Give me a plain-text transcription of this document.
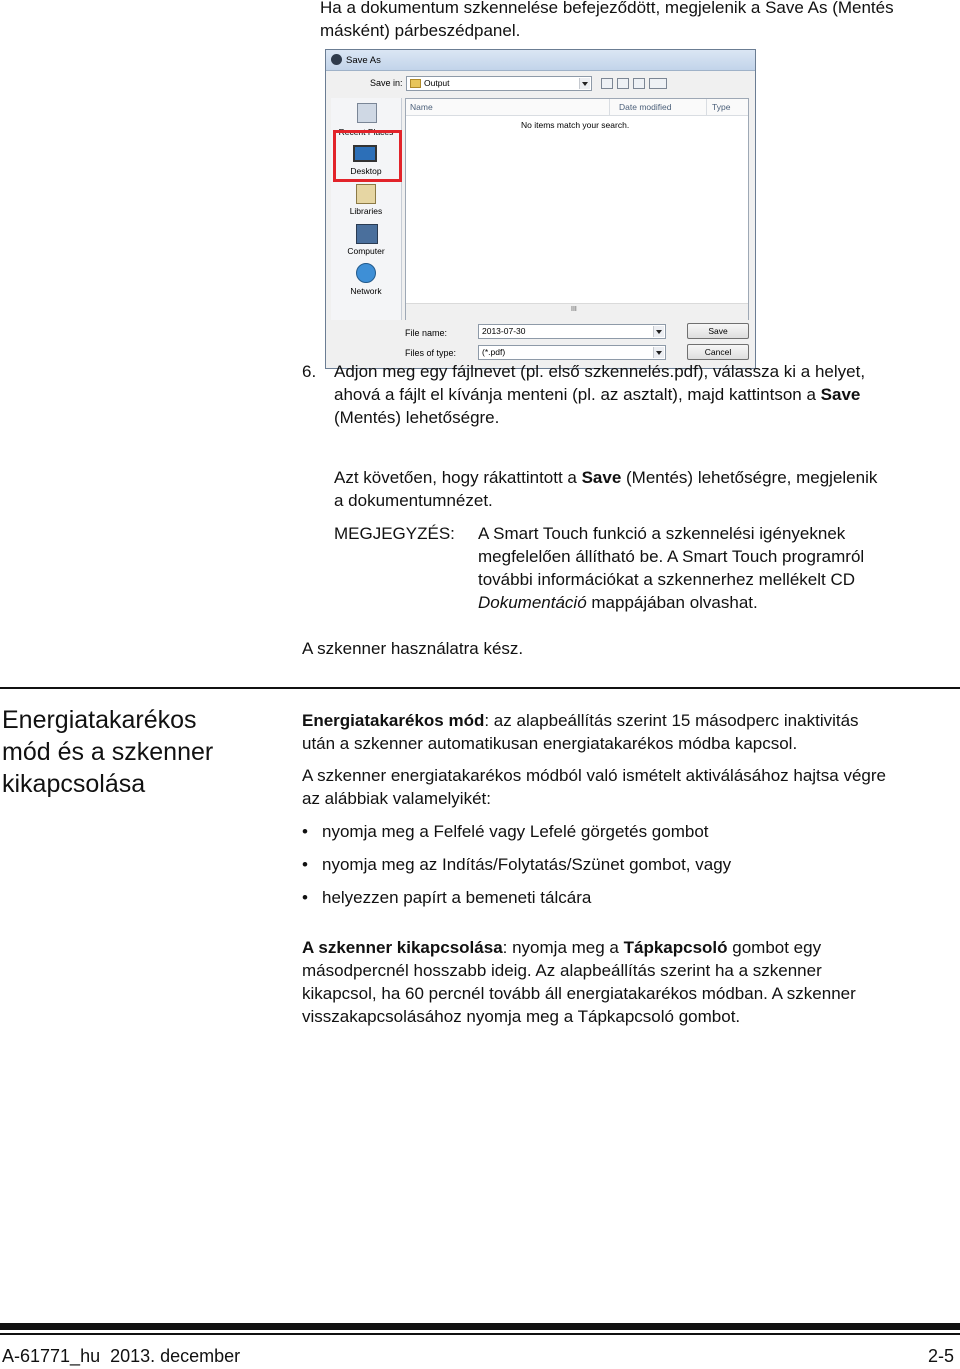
Ha a dokumentum szkennelése befejeződött, megjelenik a Save As (Mentés másként) párbeszédpanel.

Save As
Save in:	Output
Recent Places
Desktop
Libraries
Computer
Network
Name	Date modified	Type
No items match your search.
III
File name:	2013-07-30
Files of type:	(*.pdf)
Save
Cancel
6. Adjon meg egy fájlnevet (pl. első szkennelés.pdf), válassza ki a helyet,
ahová a fájlt el kívánja menteni (pl. az asztalt), majd kattintson a Save
(Mentés) lehetőségre.
Azt követően, hogy rákattintott a Save (Mentés) lehetőségre, megjelenik
a dokumentumnézet.
MEGJEGYZÉS: A Smart Touch funkció a szkennelési igényeknek
megfelelően állítható be. A Smart Touch programról
további információkat a szkennerhez mellékelt CD
Dokumentáció mappájában olvashat.

A szkenner használatra kész.

Energiatakarékos
mód és a szkenner
kikapcsolása
Energiatakarékos mód: az alapbeállítás szerint 15 másodperc inaktivitás
után a szkenner automatikusan energiatakarékos módba kapcsol.
A szkenner energiatakarékos módból való ismételt aktiválásához hajtsa végre
az alábbiak valamelyikét:
• nyomja meg a Felfelé vagy Lefelé görgetés gombot
• nyomja meg az Indítás/Folytatás/Szünet gombot, vagy
• helyezzen papírt a bemeneti tálcára
A szkenner kikapcsolása: nyomja meg a Tápkapcsoló gombot egy
másodpercnél hosszabb ideig. Az alapbeállítás szerint ha a szkenner
kikapcsol, ha 60 percnél tovább áll energiatakarékos módban. A szkenner
visszakapcsolásához nyomja meg a Tápkapcsoló gombot.
A-61771_hu  2013. december	2-5
